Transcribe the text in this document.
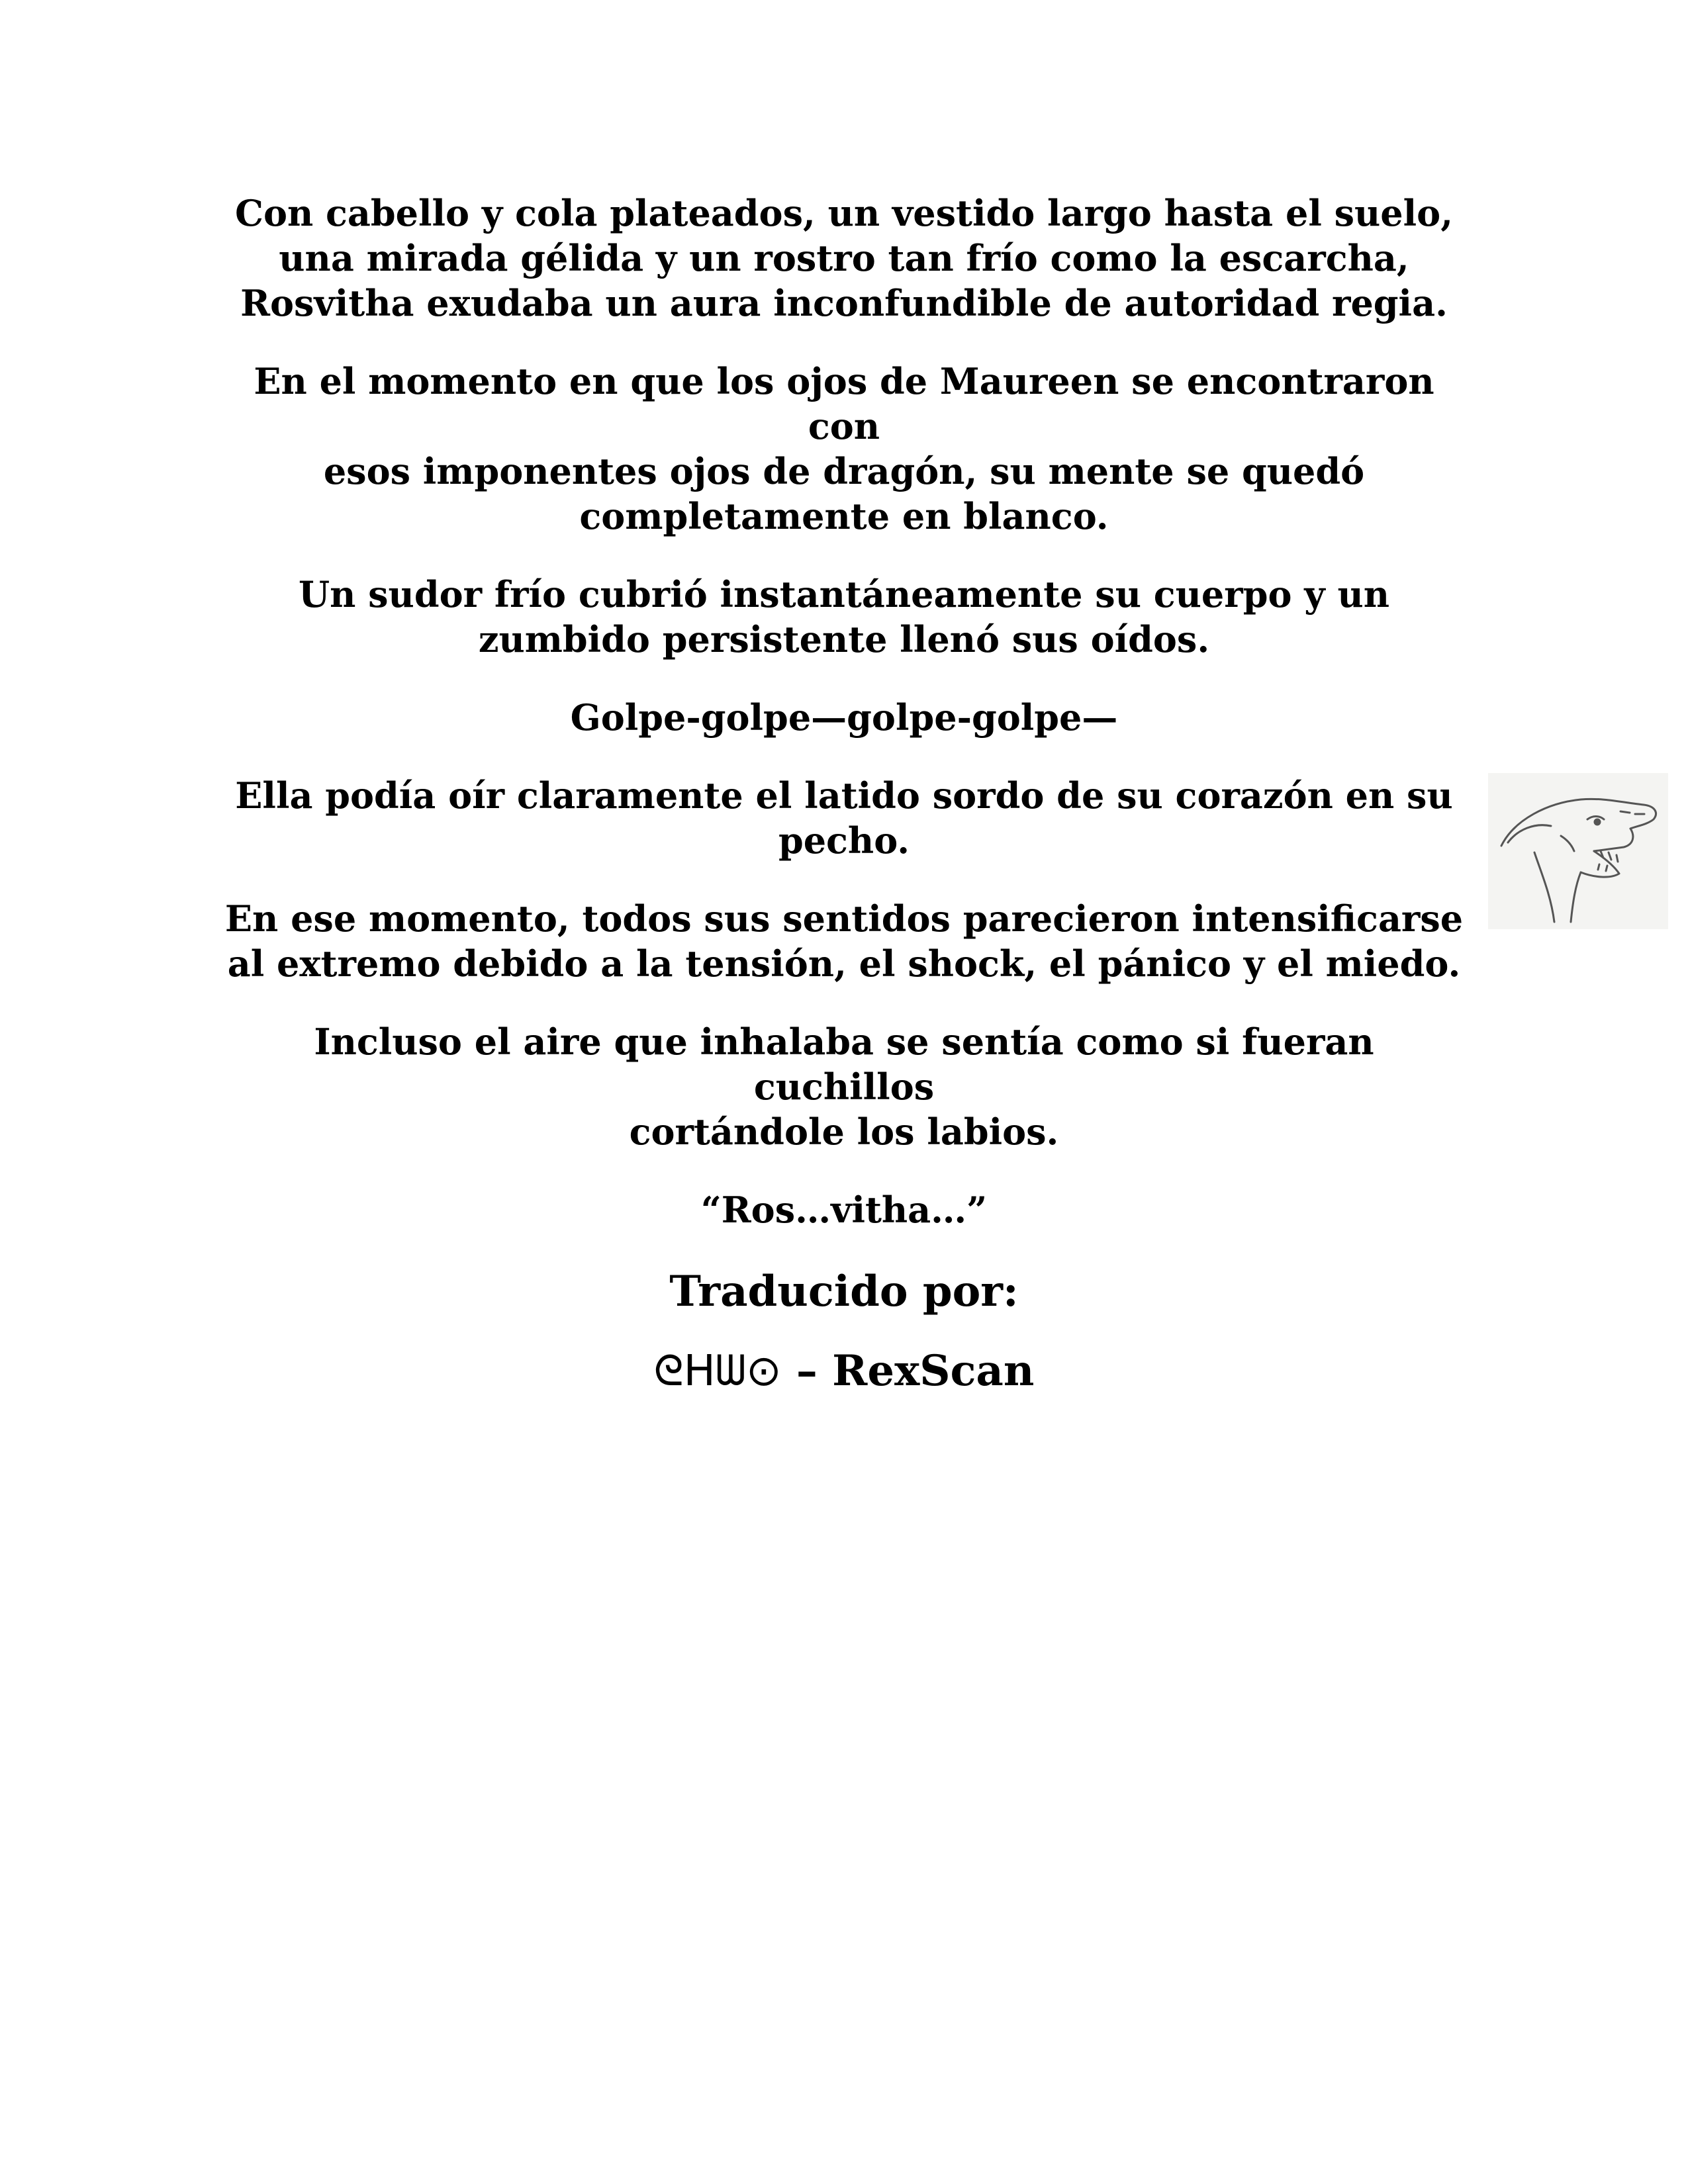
Con cabello y cola plateados, un vestido largo hasta el suelo,
una mirada gélida y un rostro tan frío como la escarcha,
Rosvitha exudaba un aura inconfundible de autoridad regia.

En el momento en que los ojos de Maureen se encontraron con
esos imponentes ojos de dragón, su mente se quedó
completamente en blanco.

Un sudor frío cubrió instantáneamente su cuerpo y un
zumbido persistente llenó sus oídos.

Golpe-golpe—golpe-golpe—

Ella podía oír claramente el latido sordo de su corazón en su
pecho.

En ese momento, todos sus sentidos parecieron intensificarse
al extremo debido a la tensión, el shock, el pánico y el miedo.

Incluso el aire que inhalaba se sentía como si fueran cuchillos
cortándole los labios.

“Ros…vitha…”

Traducido por:

ᘓᕼᗯ⊙ – RexScan
